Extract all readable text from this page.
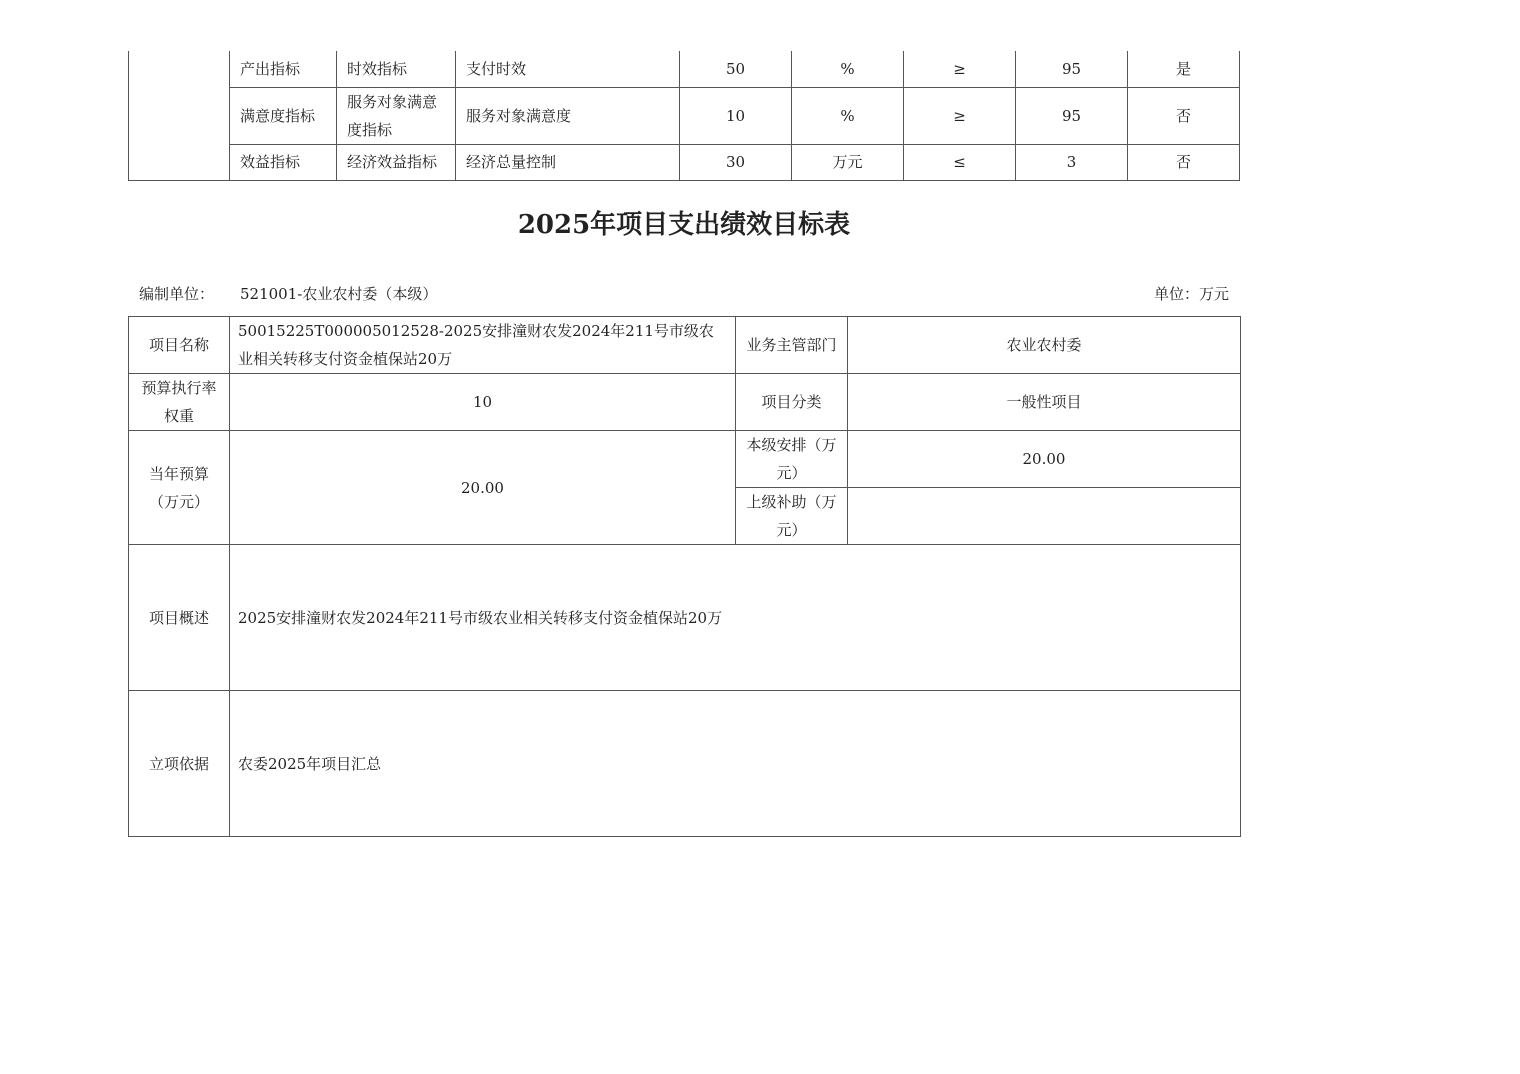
	产出指标	时效指标	支付时效	50	%	≥	95	是
	满意度指标	服务对象满意度指标	服务对象满意度	10	%	≥	95	否
	效益指标	经济效益指标	经济总量控制	30	万元	≤	3	否
2025年项目支出绩效目标表
编制单位： 521001-农业农村委（本级）	单位：万元
项目名称	50015225T000005012528-2025安排潼财农发2024年211号市级农业相关转移支付资金植保站20万	业务主管部门	农业农村委
预算执行率权重	10	项目分类	一般性项目
当年预算（万元）	20.00	本级安排（万元）	20.00
		上级补助（万元）	
项目概述	2025安排潼财农发2024年211号市级农业相关转移支付资金植保站20万		
立项依据	农委2025年项目汇总		
